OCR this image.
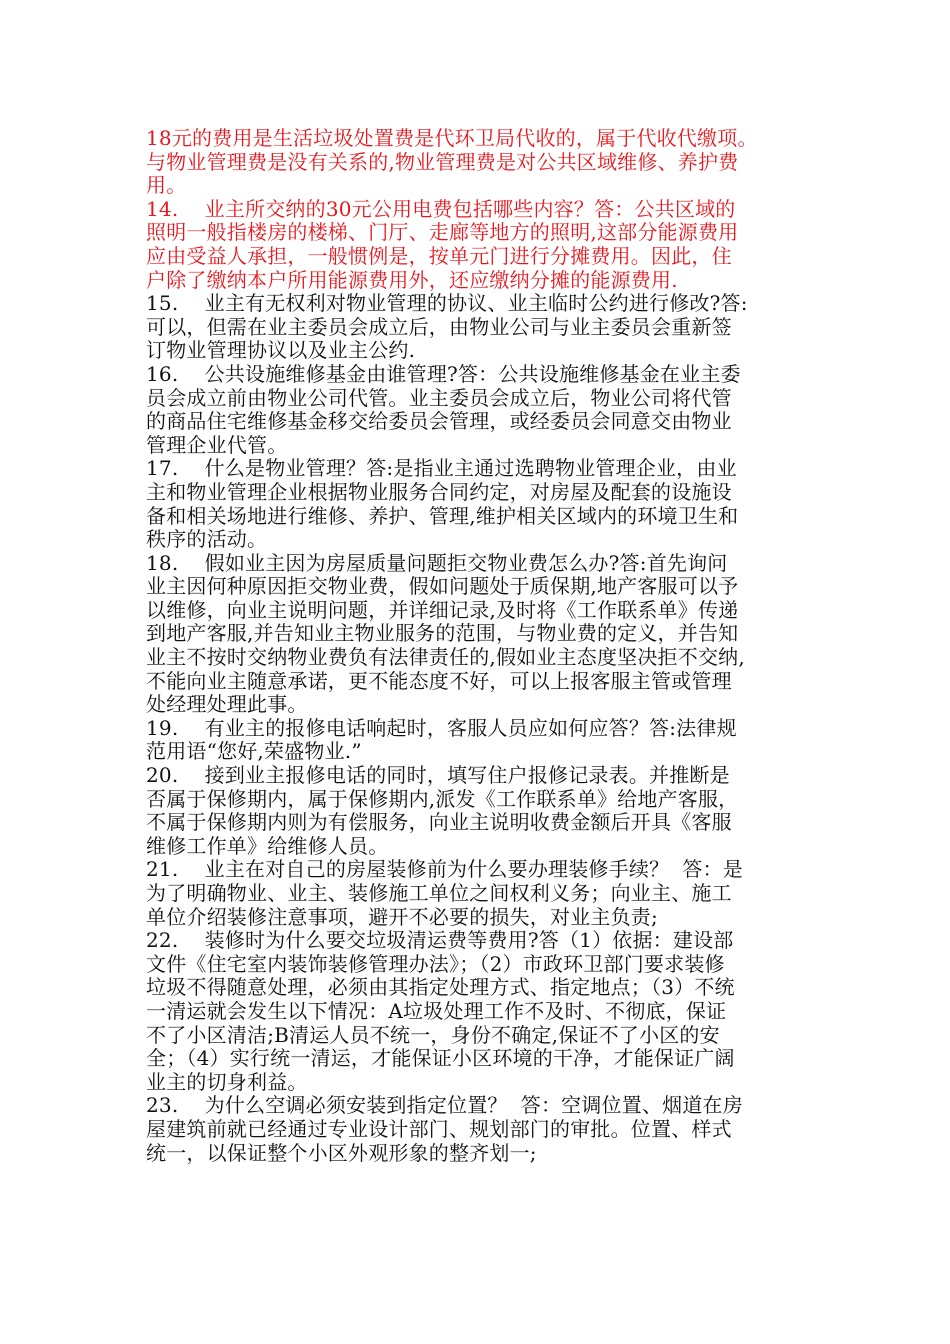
18元的费用是生活垃圾处置费是代环卫局代收的，属于代收代缴项。
与物业管理费是没有关系的,物业管理费是对公共区域维修、养护费
用。
14.    业主所交纳的30元公用电费包括哪些内容？答：公共区域的
照明一般指楼房的楼梯、门厅、走廊等地方的照明,这部分能源费用
应由受益人承担，一般惯例是，按单元门进行分摊费用。因此，住
户除了缴纳本户所用能源费用外，还应缴纳分摊的能源费用.
15.    业主有无权利对物业管理的协议、业主临时公约进行修改?答:
可以，但需在业主委员会成立后，由物业公司与业主委员会重新签
订物业管理协议以及业主公约.
16.    公共设施维修基金由谁管理?答：公共设施维修基金在业主委
员会成立前由物业公司代管。业主委员会成立后，物业公司将代管
的商品住宅维修基金移交给委员会管理，或经委员会同意交由物业
管理企业代管。
17.    什么是物业管理？答:是指业主通过选聘物业管理企业，由业
主和物业管理企业根据物业服务合同约定，对房屋及配套的设施设
备和相关场地进行维修、养护、管理,维护相关区域内的环境卫生和
秩序的活动。
18.    假如业主因为房屋质量问题拒交物业费怎么办?答:首先询问
业主因何种原因拒交物业费，假如问题处于质保期,地产客服可以予
以维修，向业主说明问题，并详细记录,及时将《工作联系单》传递
到地产客服,并告知业主物业服务的范围，与物业费的定义，并告知
业主不按时交纳物业费负有法律责任的,假如业主态度坚决拒不交纳,
不能向业主随意承诺，更不能态度不好，可以上报客服主管或管理
处经理处理此事。
19.    有业主的报修电话响起时，客服人员应如何应答？答:法律规
范用语“您好,荣盛物业.”
20.    接到业主报修电话的同时，填写住户报修记录表。并推断是
否属于保修期内，属于保修期内,派发《工作联系单》给地产客服，
不属于保修期内则为有偿服务，向业主说明收费金额后开具《客服
维修工作单》给维修人员。
21.    业主在对自己的房屋装修前为什么要办理装修手续？  答：是
为了明确物业、业主、装修施工单位之间权利义务；向业主、施工
单位介绍装修注意事项，避开不必要的损失，对业主负责;
22.    装修时为什么要交垃圾清运费等费用?答（1）依据：建设部
文件《住宅室内装饰装修管理办法》；（2）市政环卫部门要求装修
垃圾不得随意处理，必须由其指定处理方式、指定地点；（3）不统
一清运就会发生以下情况：A垃圾处理工作不及时、不彻底，保证
不了小区清洁;B清运人员不统一，身份不确定,保证不了小区的安
全；（4）实行统一清运，才能保证小区环境的干净，才能保证广阔
业主的切身利益。
23.    为什么空调必须安装到指定位置？  答：空调位置、烟道在房
屋建筑前就已经通过专业设计部门、规划部门的审批。位置、样式
统一，以保证整个小区外观形象的整齐划一;
